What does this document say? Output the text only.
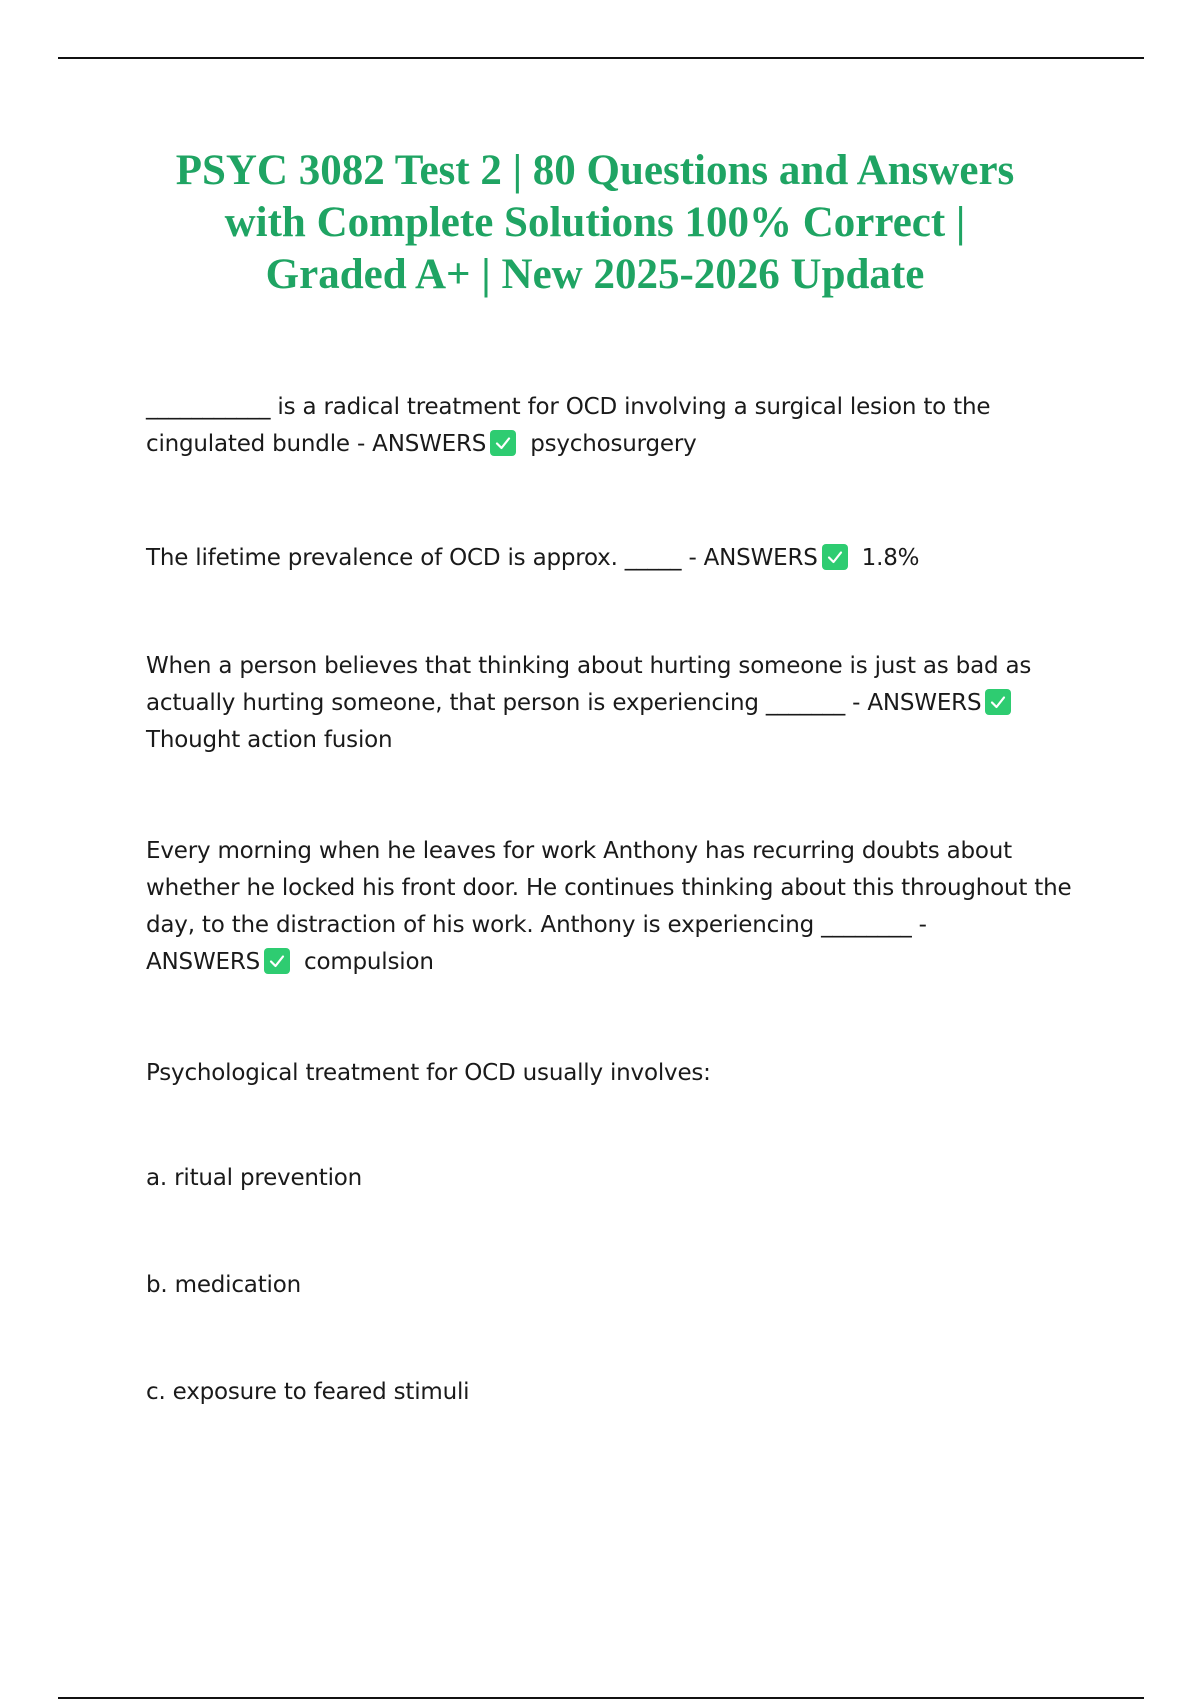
PSYC 3082 Test 2 | 80 Questions and Answers
with Complete Solutions 100% Correct |
Graded A+ | New 2025-2026 Update
___________ is a radical treatment for OCD involving a surgical lesion to the
cingulated bundle - ANSWERS psychosurgery
The lifetime prevalence of OCD is approx. _____ - ANSWERS 1.8%
When a person believes that thinking about hurting someone is just as bad as
actually hurting someone, that person is experiencing _______ - ANSWERS
Thought action fusion
Every morning when he leaves for work Anthony has recurring doubts about
whether he locked his front door. He continues thinking about this throughout the
day, to the distraction of his work. Anthony is experiencing ________ -
ANSWERS compulsion
Psychological treatment for OCD usually involves:
a. ritual prevention
b. medication
c. exposure to feared stimuli
